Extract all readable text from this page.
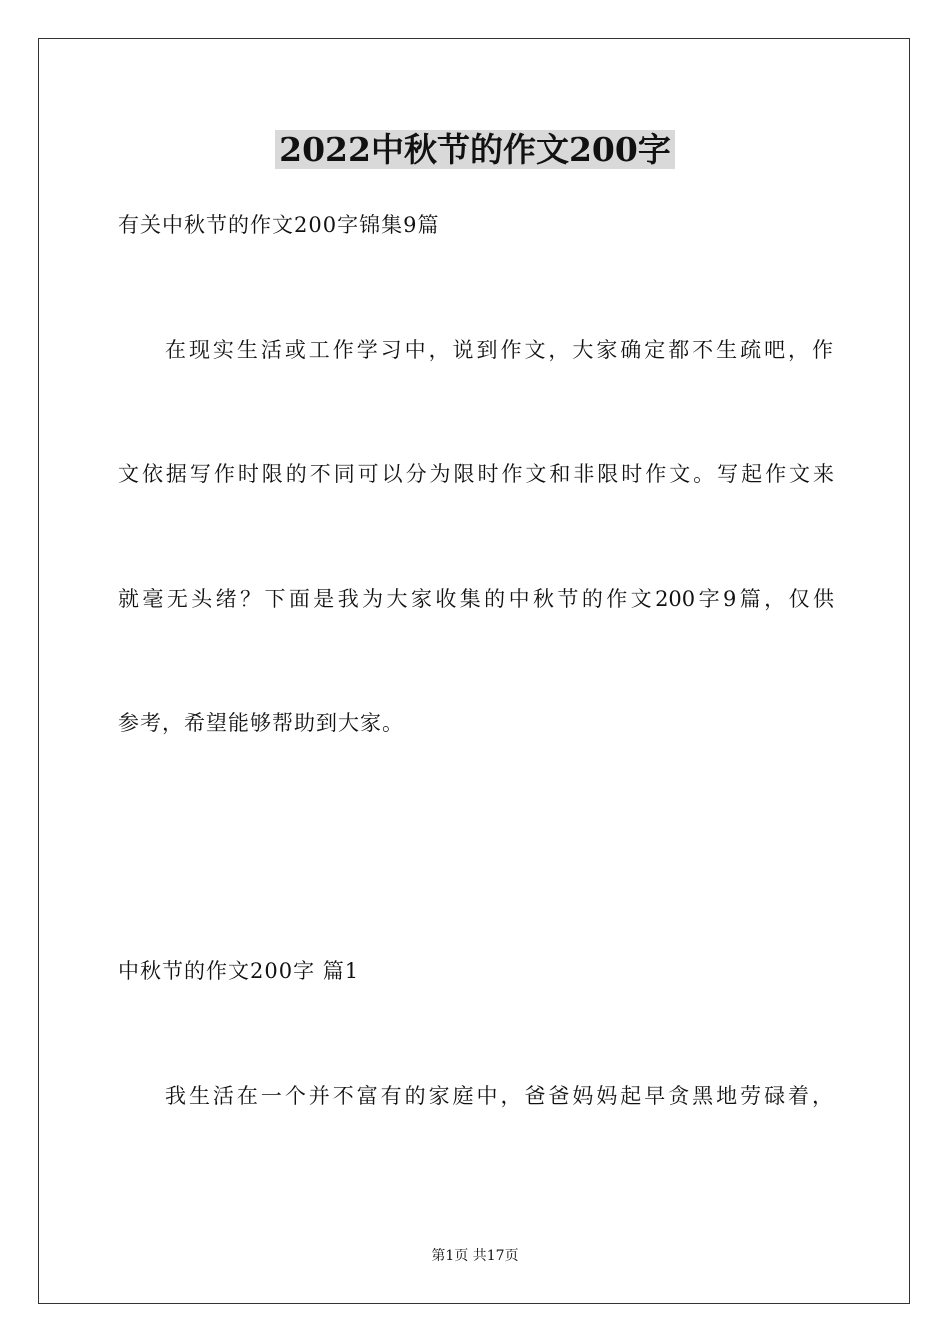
2022中秋节的作文200字
有关中秋节的作文200字锦集9篇
在现实生活或工作学习中，说到作文，大家确定都不生疏吧，作
文依据写作时限的不同可以分为限时作文和非限时作文。写起作文来
就毫无头绪？下面是我为大家收集的中秋节的作文200字9篇，仅供
参考，希望能够帮助到大家。
中秋节的作文200字 篇1
我生活在一个并不富有的家庭中，爸爸妈妈起早贪黑地劳碌着，
第1页 共17页
